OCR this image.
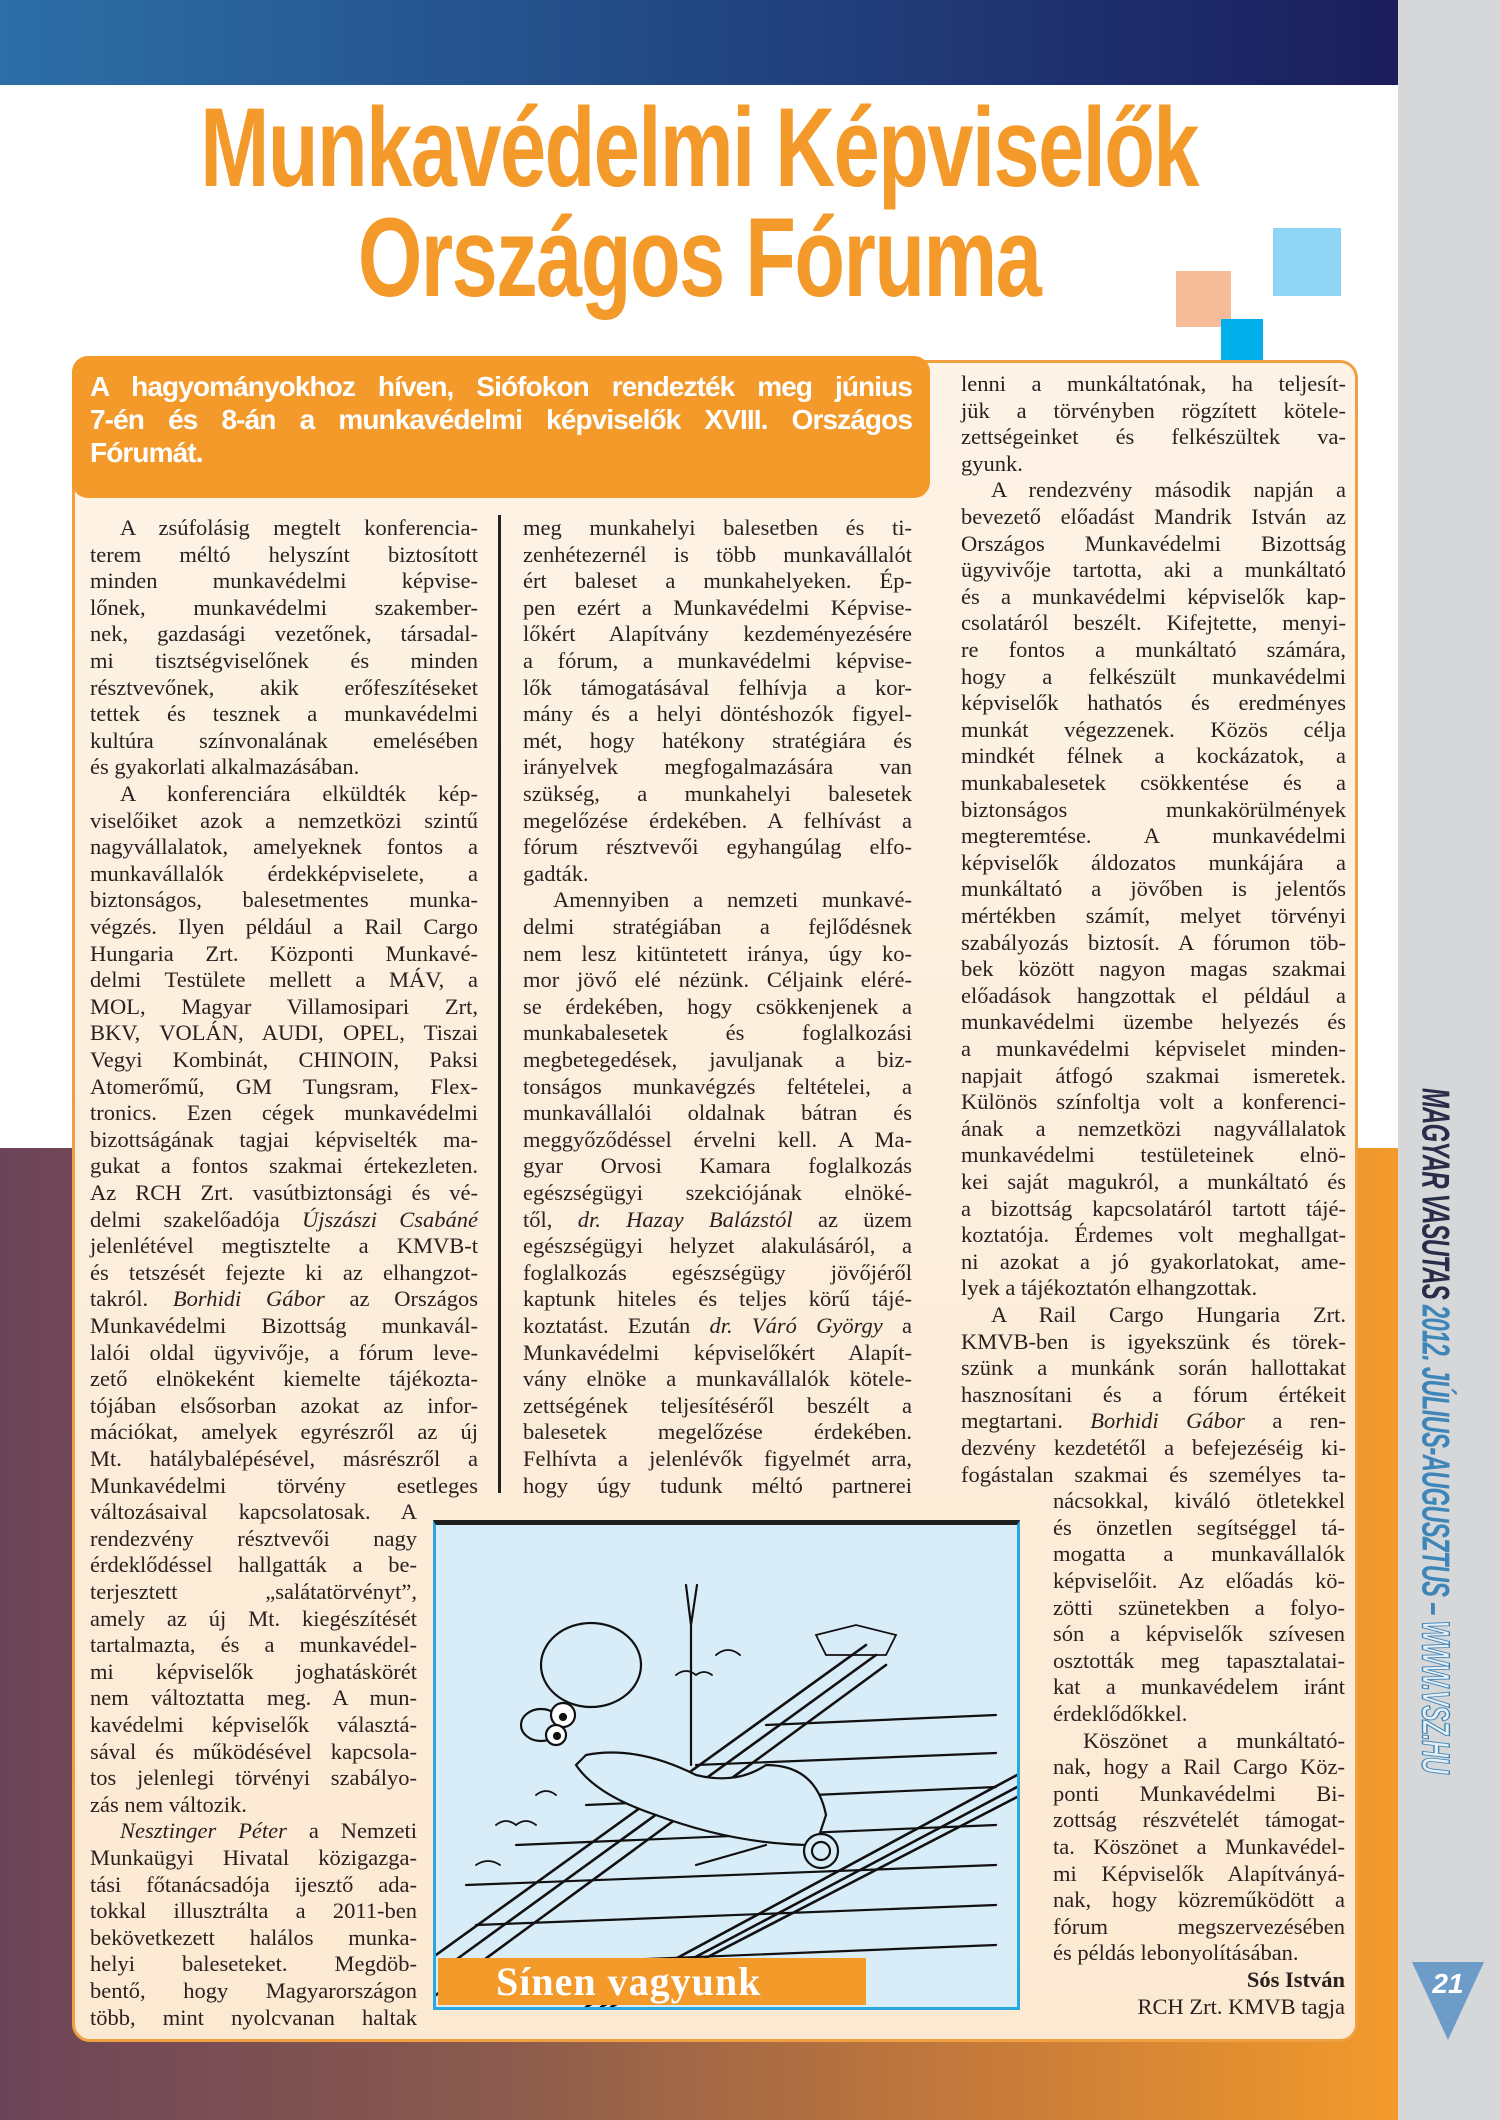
Munkavédelmi Képviselők
Országos Fórumа
A hagyományokhoz híven, Siófokon rendezték meg június
7-én és 8-án a munkavédelmi képviselők XVIII. Országos
Fórumát.
A zsúfolásig megtelt konferencia-
terem méltó helyszínt biztosított
minden munkavédelmi képvise-
lőnek, munkavédelmi szakember-
nek, gazdasági vezetőnek, társadal-
mi tisztségviselőnek és minden
résztvevőnek, akik erőfeszítéseket
tettek és tesznek a munkavédelmi
kultúra színvonalának emelésében
és gyakorlati alkalmazásában.
A konferenciára elküldték kép-
viselőiket azok a nemzetközi szintű
nagyvállalatok, amelyeknek fontos a
munkavállalók érdekképviselete, a
biztonságos, balesetmentes munka-
végzés. Ilyen például a Rail Cargo
Hungaria Zrt. Központi Munkavé-
delmi Testülete mellett a MÁV, a
MOL, Magyar Villamosipari Zrt,
BKV, VOLÁN, AUDI, OPEL, Tiszai
Vegyi Kombinát, CHINOIN, Paksi
Atomerőmű, GM Tungsram, Flex-
tronics. Ezen cégek munkavédelmi
bizottságának tagjai képviselték ma-
gukat a fontos szakmai értekezleten.
Az RCH Zrt. vasútbiztonsági és vé-
delmi szakelőadója Újszászi Csabáné
jelenlétével megtisztelte a KMVB-t
és tetszését fejezte ki az elhangzot-
takról. Borhidi Gábor az Országos
Munkavédelmi Bizottság munkavál-
lalói oldal ügyvivője, a fórum leve-
zető elnökeként kiemelte tájékozta-
tójában elsősorban azokat az infor-
mációkat, amelyek egyrészről az új
Mt. hatálybalépésével, másrészről a
Munkavédelmi törvény esetleges
változásaival kapcsolatosak. A
rendezvény résztvevői nagy
érdeklődéssel hallgatták a be-
terjesztett „salátatörvényt”,
amely az új Mt. kiegészítését
tartalmazta, és a munkavédel-
mi képviselők joghatáskörét
nem változtatta meg. A mun-
kavédelmi képviselők választá-
sával és működésével kapcsola-
tos jelenlegi törvényi szabályo-
zás nem változik.
Nesztinger Péter a Nemzeti
Munkaügyi Hivatal közigazga-
tási főtanácsadója ijesztő ada-
tokkal illusztrálta a 2011-ben
bekövetkezett halálos munka-
helyi baleseteket. Megdöb-
bentő, hogy Magyarországon
több, mint nyolcvanan haltak
meg munkahelyi balesetben és ti-
zenhétezernél is több munkavállalót
ért baleset a munkahelyeken. Ép-
pen ezért a Munkavédelmi Képvise-
lőkért Alapítvány kezdeményezésére
a fórum, a munkavédelmi képvise-
lők támogatásával felhívja a kor-
mány és a helyi döntéshozók figyel-
mét, hogy hatékony stratégiára és
irányelvek megfogalmazására van
szükség, a munkahelyi balesetek
megelőzése érdekében. A felhívást a
fórum résztvevői egyhangúlag elfo-
gadták.
Amennyiben a nemzeti munkavé-
delmi stratégiában a fejlődésnek
nem lesz kitüntetett iránya, úgy ko-
mor jövő elé nézünk. Céljaink eléré-
se érdekében, hogy csökkenjenek a
munkabalesetek és foglalkozási
megbetegedések, javuljanak a biz-
tonságos munkavégzés feltételei, a
munkavállalói oldalnak bátran és
meggyőződéssel érvelni kell. A Ma-
gyar Orvosi Kamara foglalkozás
egészségügyi szekciójának elnöké-
től, dr. Hazay Balázstól az üzem
egészségügyi helyzet alakulásáról, a
foglalkozás egészségügy jövőjéről
kaptunk hiteles és teljes körű tájé-
koztatást. Ezután dr. Váró György a
Munkavédelmi képviselőkért Alapít-
vány elnöke a munkavállalók kötele-
zettségének teljesítéséről beszélt a
balesetek megelőzése érdekében.
Felhívta a jelenlévők figyelmét arra,
hogy úgy tudunk méltó partnerei
lenni a munkáltatónak, ha teljesít-
jük a törvényben rögzített kötele-
zettségeinket és felkészültek va-
gyunk.
A rendezvény második napján a
bevezető előadást Mandrik István az
Országos Munkavédelmi Bizottság
ügyvivője tartotta, aki a munkáltató
és a munkavédelmi képviselők kap-
csolatáról beszélt. Kifejtette, menyi-
re fontos a munkáltató számára,
hogy a felkészült munkavédelmi
képviselők hathatós és eredményes
munkát végezzenek. Közös célja
mindkét félnek a kockázatok, a
munkabalesetek csökkentése és a
biztonságos munkakörülmények
megteremtése. A munkavédelmi
képviselők áldozatos munkájára a
munkáltató a jövőben is jelentős
mértékben számít, melyet törvényi
szabályozás biztosít. A fórumon töb-
bek között nagyon magas szakmai
előadások hangzottak el például a
munkavédelmi üzembe helyezés és
a munkavédelmi képviselet minden-
napjait átfogó szakmai ismeretek.
Különös színfoltja volt a konferenci-
ának a nemzetközi nagyvállalatok
munkavédelmi testületeinek elnö-
kei saját magukról, a munkáltató és
a bizottság kapcsolatáról tartott tájé-
koztatója. Érdemes volt meghallgat-
ni azokat a jó gyakorlatokat, ame-
lyek a tájékoztatón elhangzottak.
A Rail Cargo Hungaria Zrt.
KMVB-ben is igyekszünk és törek-
szünk a munkánk során hallottakat
hasznosítani és a fórum értékeit
megtartani. Borhidi Gábor a ren-
dezvény kezdetétől a befejezéséig ki-
fogástalan szakmai és személyes ta-
nácsokkal, kiváló ötletekkel
és önzetlen segítséggel tá-
mogatta a munkavállalók
képviselőit. Az előadás kö-
zötti szünetekben a folyo-
són a képviselők szívesen
osztották meg tapasztalatai-
kat a munkavédelem iránt
érdeklődőkkel.
Köszönet a munkáltató-
nak, hogy a Rail Cargo Köz-
ponti Munkavédelmi Bi-
zottság részvételét támogat-
ta. Köszönet a Munkavédel-
mi Képviselők Alapítványá-
nak, hogy közreműködött a
fórum megszervezésében
és példás lebonyolításában.
Sós István
RCH Zrt. KMVB tagja
Sínen vagyunk
MAGYAR VASUTAS 2012. JÚLIUS-AUGUSZTUS – WWW.VSZ.HU
21
